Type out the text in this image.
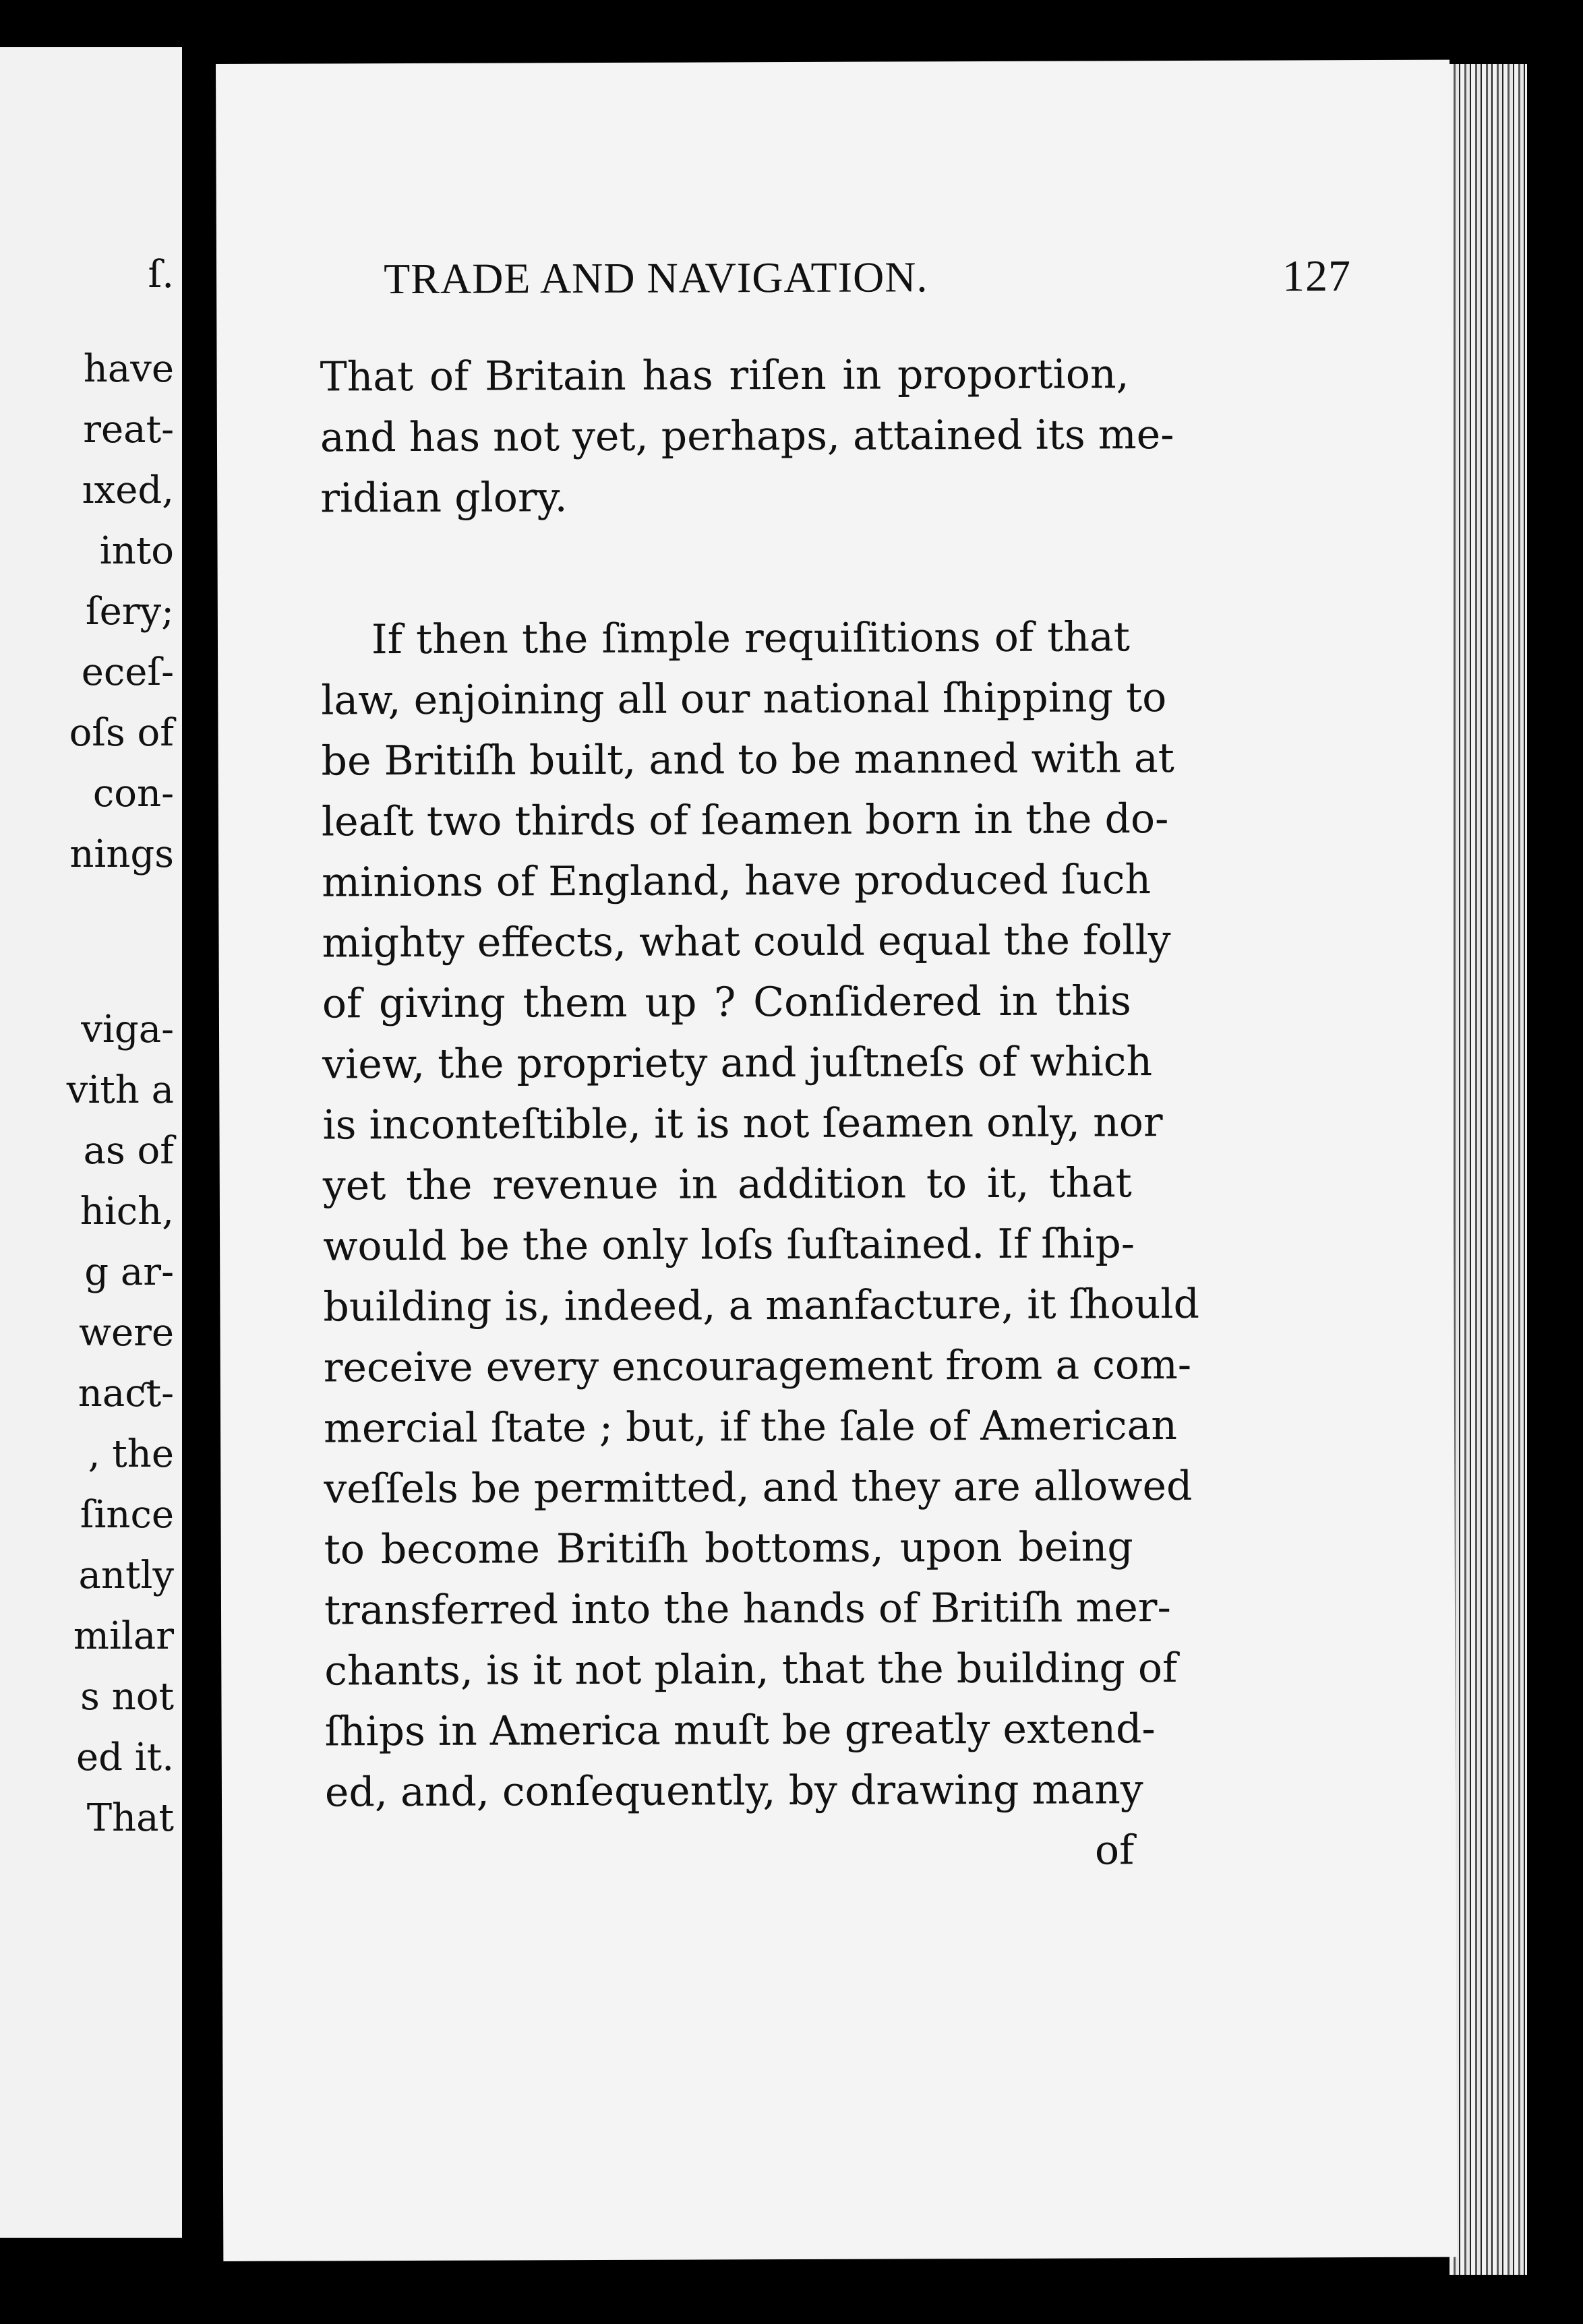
ſ.
have
reat-
ıxed,
into
ſery;
eceſ-
oſs of
con-
nings
viga-
vith a
as of
hich,
g ar-
were
naƈt-
, the
ſince
antly
milar
s not
ed it.
That
TRADE AND NAVIGATION.	127
That of Britain has riſen in proportion,
and has not yet, perhaps, attained its me-
ridian glory.
If then the ſimple requiſitions of that
law, enjoining all our national ſhipping to
be Britiſh built, and to be manned with at
leaſt two thirds of ſeamen born in the do-
minions of England, have produced ſuch
mighty effects, what could equal the folly
of giving them up ? Conſidered in this
view, the propriety and juſtneſs of which
is inconteſtible, it is not ſeamen only, nor
yet the revenue in addition to it, that
would be the only loſs ſuſtained. If ſhip-
building is, indeed, a manfacture, it ſhould
receive every encouragement from a com-
mercial ſtate ; but, if the ſale of American
veſſels be permitted, and they are allowed
to become Britiſh bottoms, upon being
transferred into the hands of Britiſh mer-
chants, is it not plain, that the building of
ſhips in America muſt be greatly extend-
ed, and, conſequently, by drawing many
of
